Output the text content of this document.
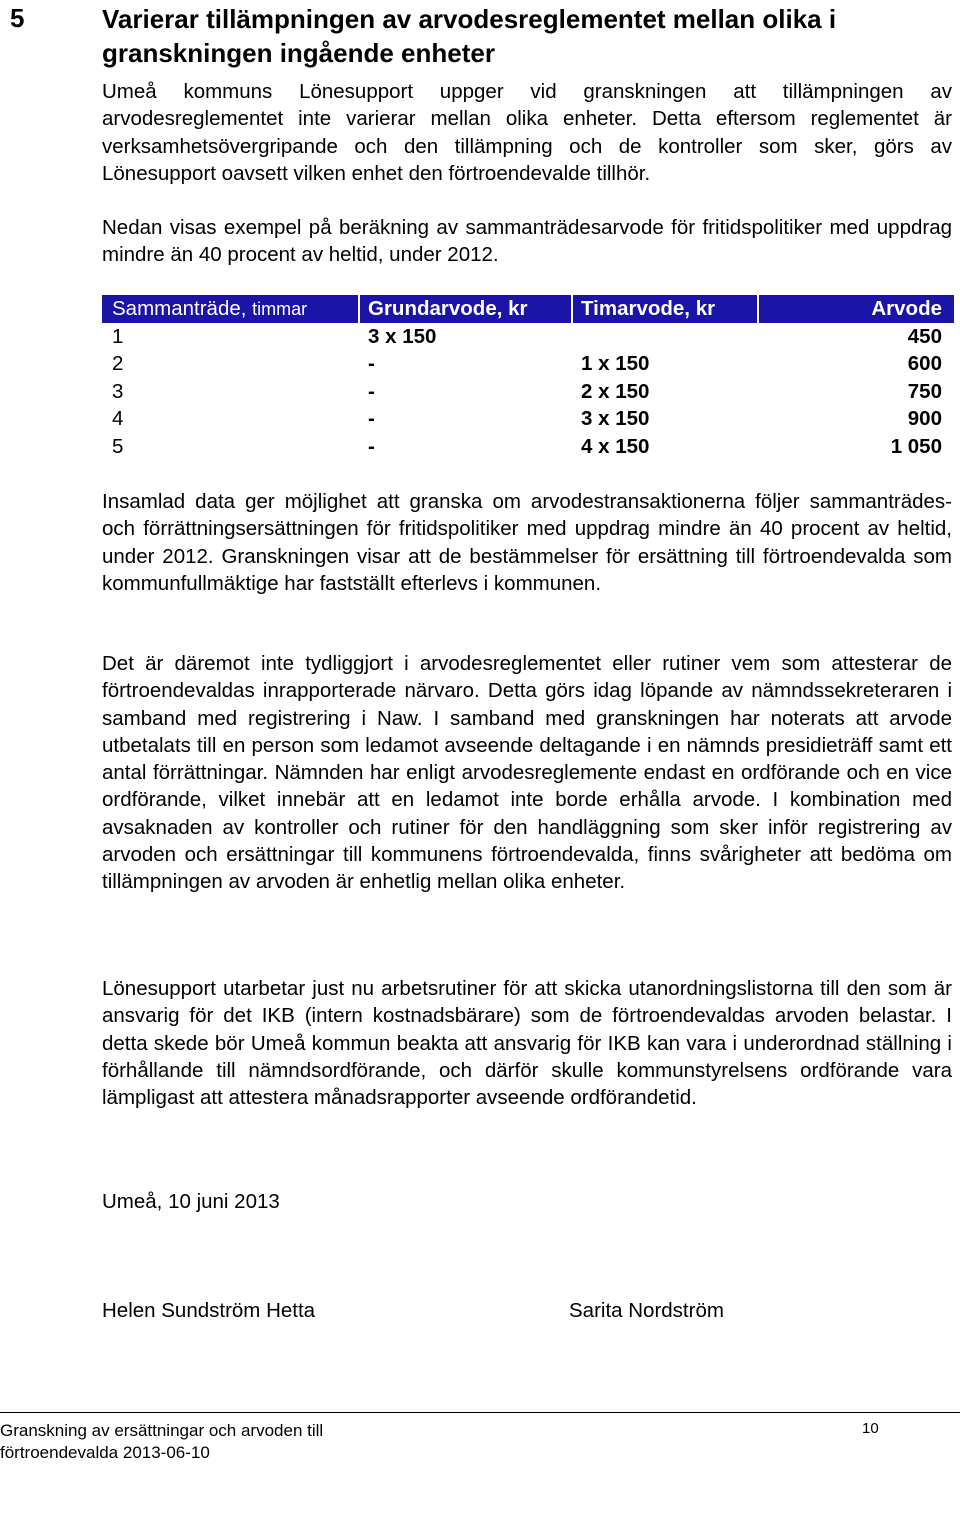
5	Varierar tillämpningen av arvodesreglementet mellan olika i granskningen ingående enheter

Umeå kommuns Lönesupport uppger vid granskningen att tillämpningen av arvodesreglementet inte varierar mellan olika enheter. Detta eftersom reglementet är verksamhetsövergripande och den tillämpning och de kontroller som sker, görs av Lönesupport oavsett vilken enhet den förtroendevalde tillhör.

Nedan visas exempel på beräkning av sammanträdesarvode för fritidspolitiker med uppdrag mindre än 40 procent av heltid, under 2012.

Sammanträde, timmar	Grundarvode, kr	Timarvode, kr	Arvode
1	3 x 150		450
2	-	1 x 150	600
3	-	2 x 150	750
4	-	3 x 150	900
5	-	4 x 150	1 050

Insamlad data ger möjlighet att granska om arvodestransaktionerna följer sammanträdes- och förrättningsersättningen för fritidspolitiker med uppdrag mindre än 40 procent av heltid, under 2012. Granskningen visar att de bestämmelser för ersättning till förtroendevalda som kommunfullmäktige har fastställt efterlevs i kommunen.

Det är däremot inte tydliggjort i arvodesreglementet eller rutiner vem som attesterar de förtroendevaldas inrapporterade närvaro. Detta görs idag löpande av nämndssekreteraren i samband med registrering i Naw. I samband med granskningen har noterats att arvode utbetalats till en person som ledamot avseende deltagande i en nämnds presidieträff samt ett antal förrättningar. Nämnden har enligt arvodesreglemente endast en ordförande och en vice ordförande, vilket innebär att en ledamot inte borde erhålla arvode. I kombination med avsaknaden av kontroller och rutiner för den handläggning som sker inför registrering av arvoden och ersättningar till kommunens förtroendevalda, finns svårigheter att bedöma om tillämpningen av arvoden är enhetlig mellan olika enheter.

Lönesupport utarbetar just nu arbetsrutiner för att skicka utanordningslistorna till den som är ansvarig för det IKB (intern kostnadsbärare) som de förtroendevaldas arvoden belastar. I detta skede bör Umeå kommun beakta att ansvarig för IKB kan vara i underordnad ställning i förhållande till nämndsordförande, och därför skulle kommunstyrelsens ordförande vara lämpligast att attestera månadsrapporter avseende ordförandetid.

Umeå, 10 juni 2013
Helen Sundström Hetta	Sarita Nordström
Granskning av ersättningar och arvoden till
förtroendevalda 2013-06-10
10
